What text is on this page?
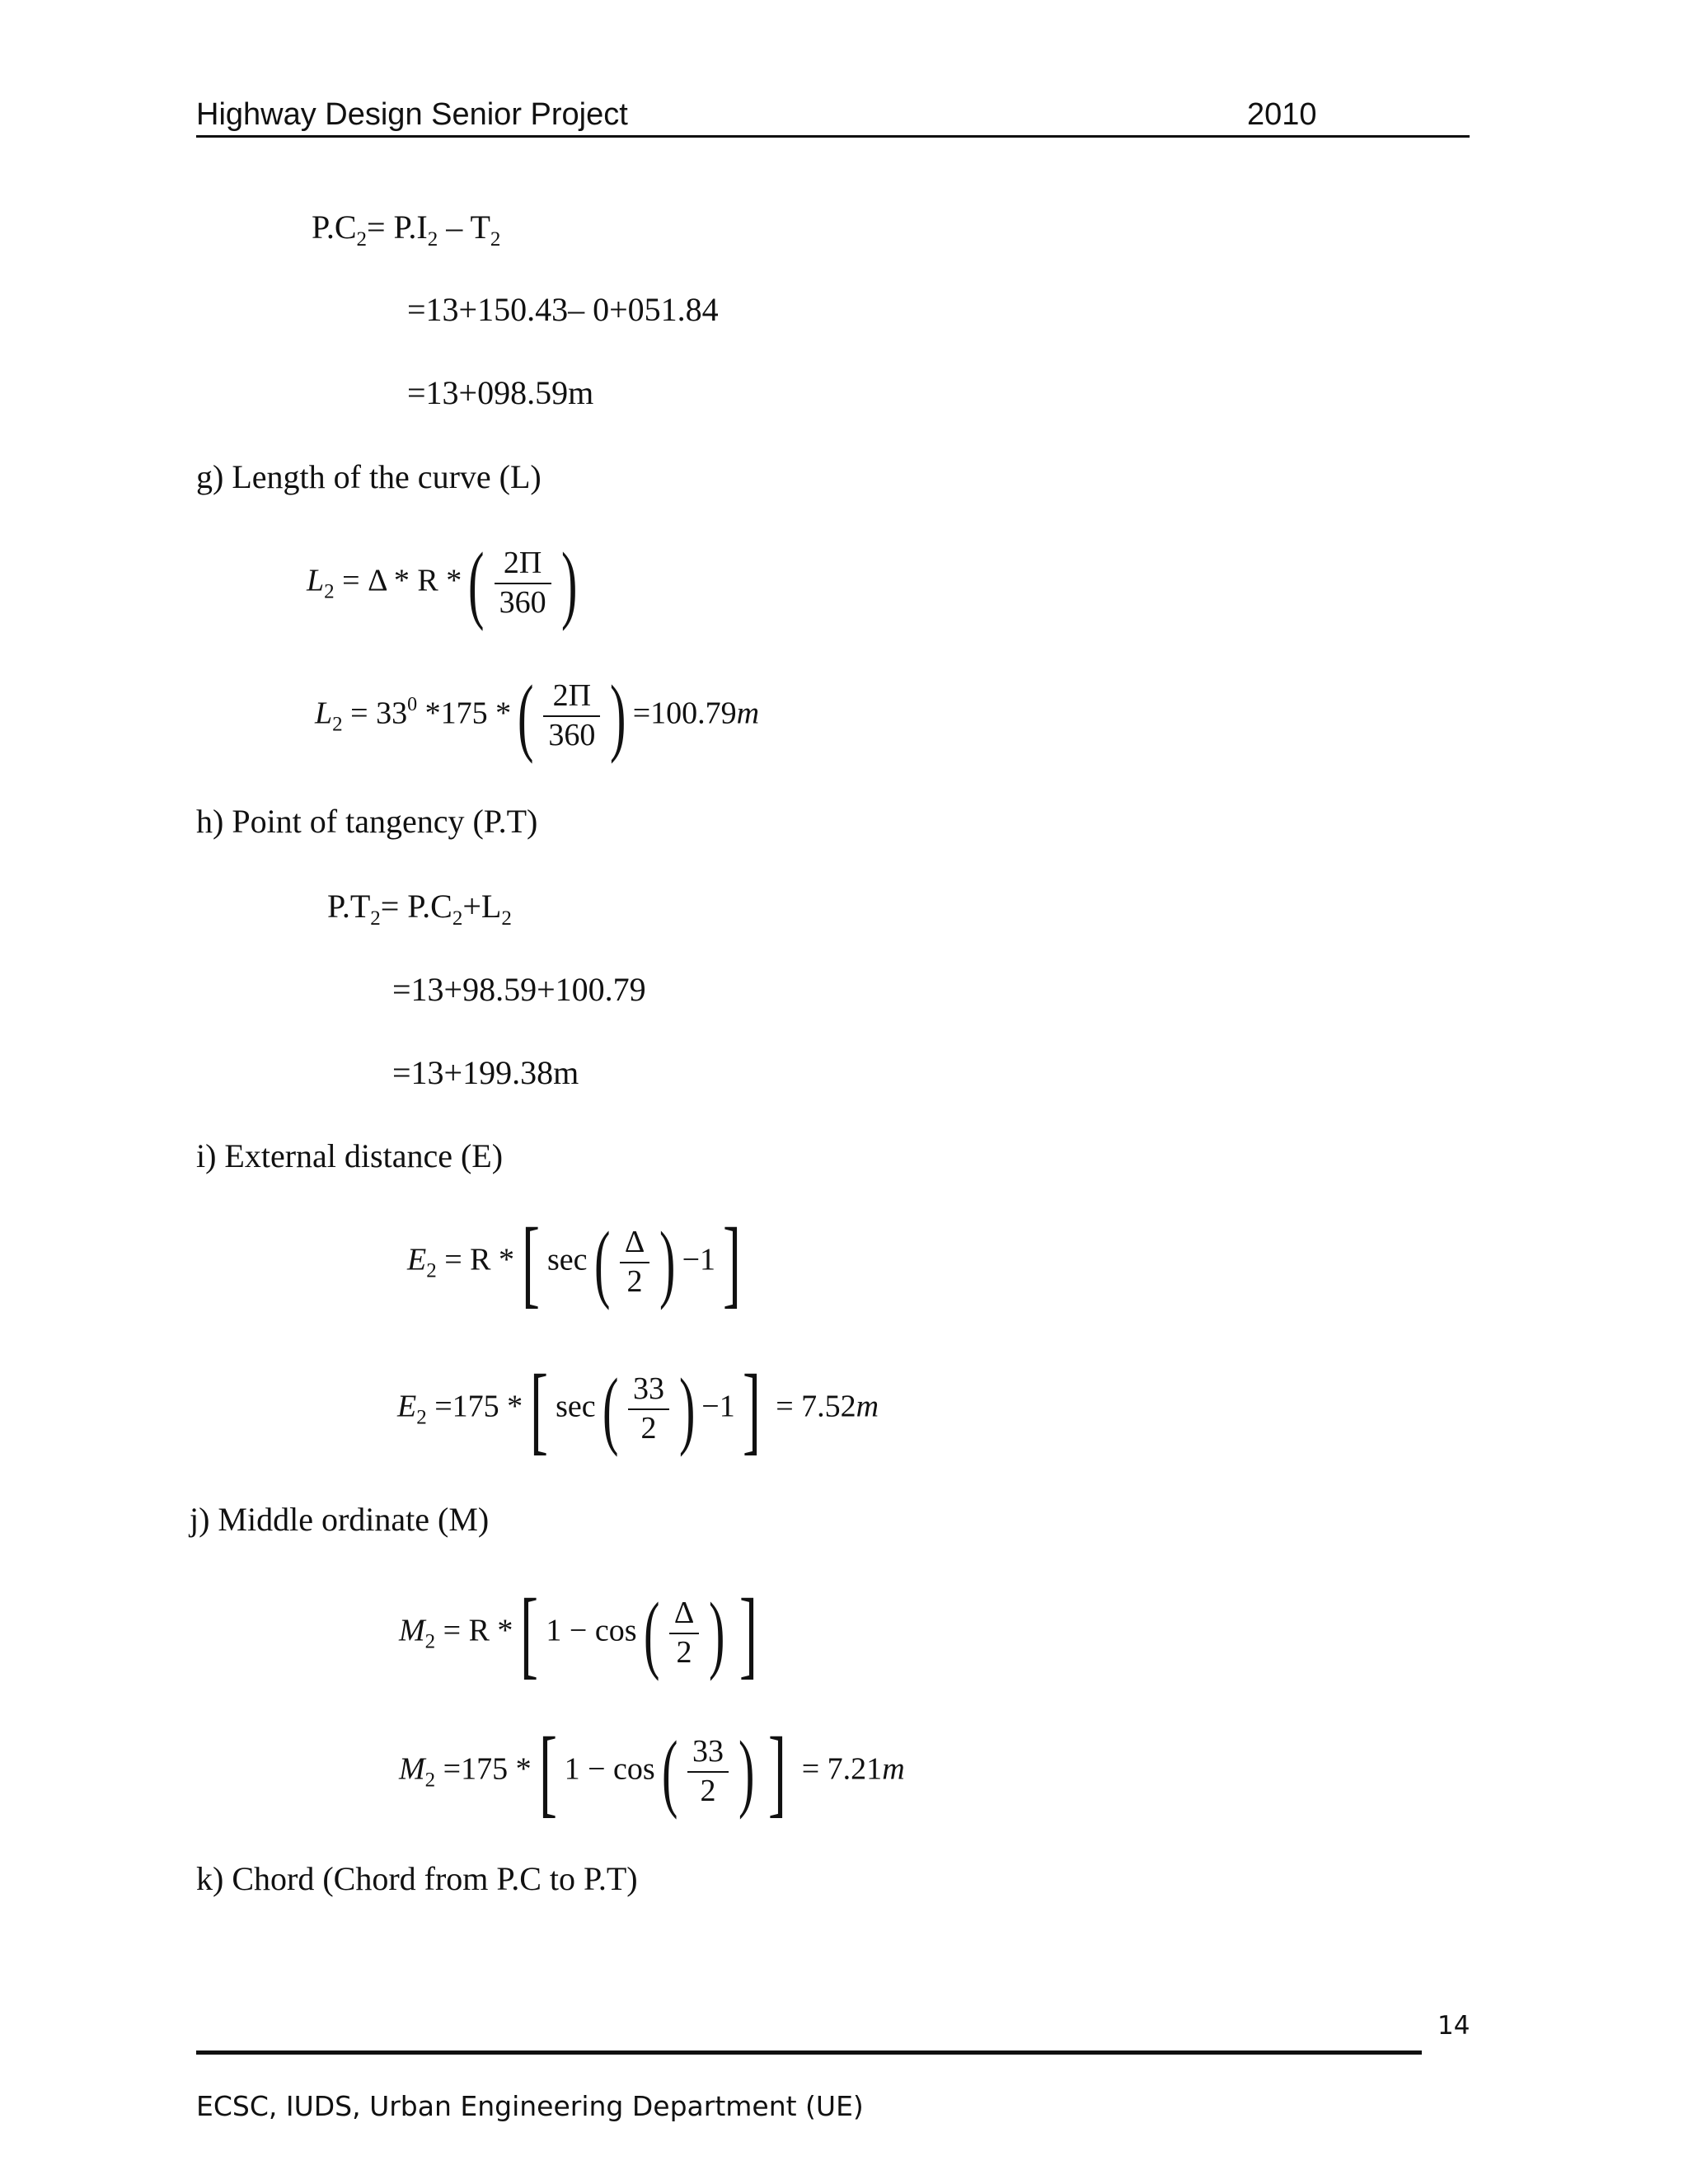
Highway Design Senior Project	2010
$P.C_2= P.I_2 - T_2$
=13+150.43– 0+051.84
=13+098.59m
g) Length of the curve (L)
$L_2 = \Delta * R$ *( $\frac{2\Pi}{360}$ )
$L_2 = 33^0$ *175 *( $\frac{2\Pi}{360}$ ) =100.79m
h) Point of tangency (P.T)
$P.T_2= P.C_2+L_2$
=13+98.59+100.79
=13+199.38m
i) External distance (E)
$E_2 = R$ *[ $\sec( \frac{\Delta}{2}$ ) −1]
$E_2 =175$ *[ $\sec( \frac{33}{2}$ ) −1] = 7.52m
j) Middle ordinate (M)
$M_2 = R$ *[ $1 - \cos( \frac{\Delta}{2}$ ) ]
$M_2 =175$ *[ $1 - \cos( \frac{33}{2}$ ) ] = 7.21m
k) Chord (Chord from P.C to P.T)
14
ECSC, IUDS, Urban Engineering Department (UE)
